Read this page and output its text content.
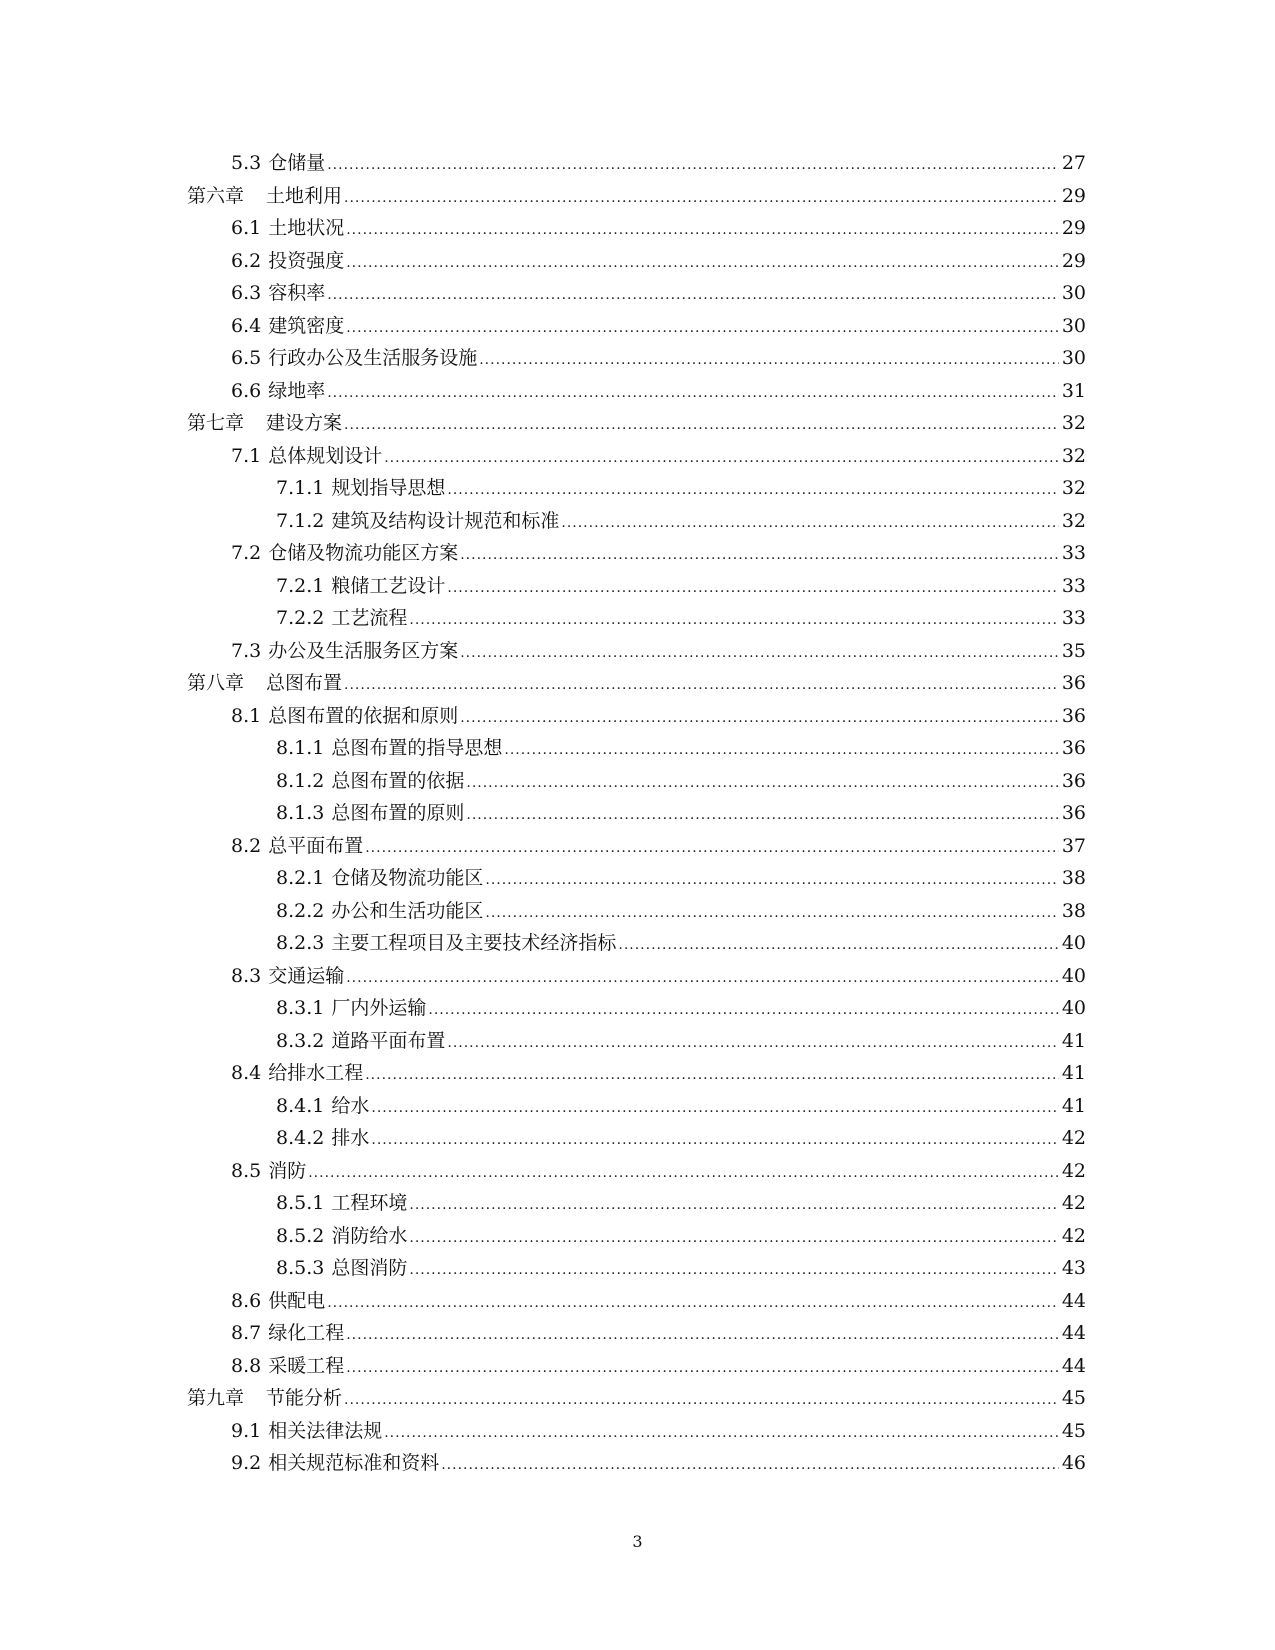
5.3 仓储量 .....	27
第六章	土地利用 .....	29
6.1 土地状况 .....	29
6.2 投资强度 .....	29
6.3 容积率 .....	30
6.4 建筑密度 .....	30
6.5 行政办公及生活服务设施 .....	30
6.6 绿地率 .....	31
第七章	建设方案 .....	32
7.1 总体规划设计 .....	32
7.1.1 规划指导思想 .....	32
7.1.2 建筑及结构设计规范和标准 .....	32
7.2 仓储及物流功能区方案 .....	33
7.2.1 粮储工艺设计 .....	33
7.2.2 工艺流程 .....	33
7.3 办公及生活服务区方案 .....	35
第八章	总图布置 .....	36
8.1 总图布置的依据和原则 .....	36
8.1.1 总图布置的指导思想 .....	36
8.1.2 总图布置的依据 .....	36
8.1.3 总图布置的原则 .....	36
8.2 总平面布置 .....	37
8.2.1 仓储及物流功能区 .....	38
8.2.2 办公和生活功能区 .....	38
8.2.3 主要工程项目及主要技术经济指标 .....	40
8.3 交通运输 .....	40
8.3.1 厂内外运输 .....	40
8.3.2 道路平面布置 .....	41
8.4 给排水工程 .....	41
8.4.1 给水 .....	41
8.4.2 排水 .....	42
8.5 消防 .....	42
8.5.1 工程环境 .....	42
8.5.2 消防给水 .....	42
8.5.3 总图消防 .....	43
8.6 供配电 .....	44
8.7 绿化工程 .....	44
8.8 采暖工程 .....	44
第九章	节能分析 .....	45
9.1 相关法律法规 .....	45
9.2 相关规范标准和资料 .....	46
3
